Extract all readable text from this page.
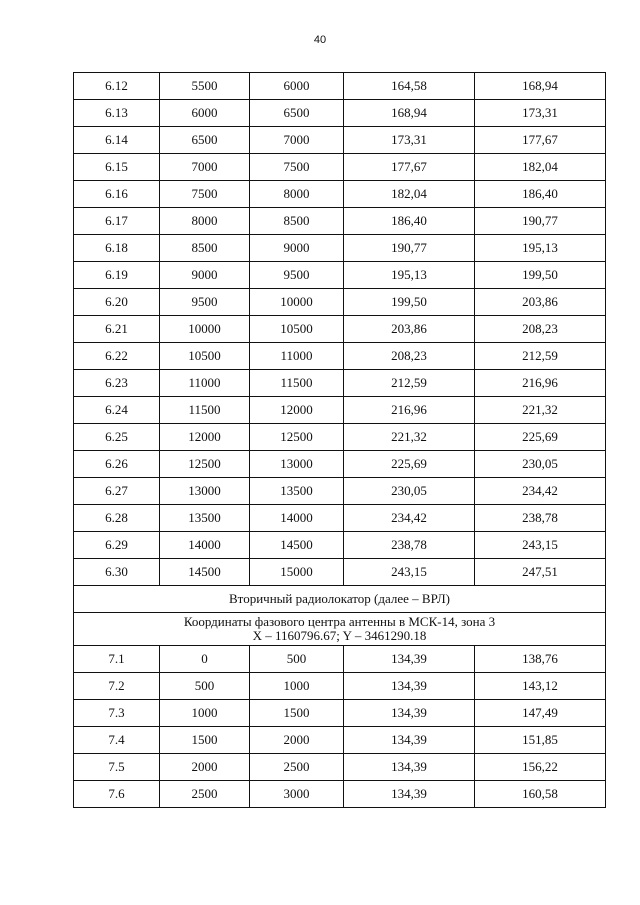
40
6.12	5500	6000	164,58	168,94
6.13	6000	6500	168,94	173,31
6.14	6500	7000	173,31	177,67
6.15	7000	7500	177,67	182,04
6.16	7500	8000	182,04	186,40
6.17	8000	8500	186,40	190,77
6.18	8500	9000	190,77	195,13
6.19	9000	9500	195,13	199,50
6.20	9500	10000	199,50	203,86
6.21	10000	10500	203,86	208,23
6.22	10500	11000	208,23	212,59
6.23	11000	11500	212,59	216,96
6.24	11500	12000	216,96	221,32
6.25	12000	12500	221,32	225,69
6.26	12500	13000	225,69	230,05
6.27	13000	13500	230,05	234,42
6.28	13500	14000	234,42	238,78
6.29	14000	14500	238,78	243,15
6.30	14500	15000	243,15	247,51
Вторичный радиолокатор (далее – ВРЛ)				

Координаты фазового центра антенны в МСК-14, зона 3
X – 1160796.67; Y – 3461290.18				

7.1	0	500	134,39	138,76
7.2	500	1000	134,39	143,12
7.3	1000	1500	134,39	147,49
7.4	1500	2000	134,39	151,85
7.5	2000	2500	134,39	156,22
7.6	2500	3000	134,39	160,58
